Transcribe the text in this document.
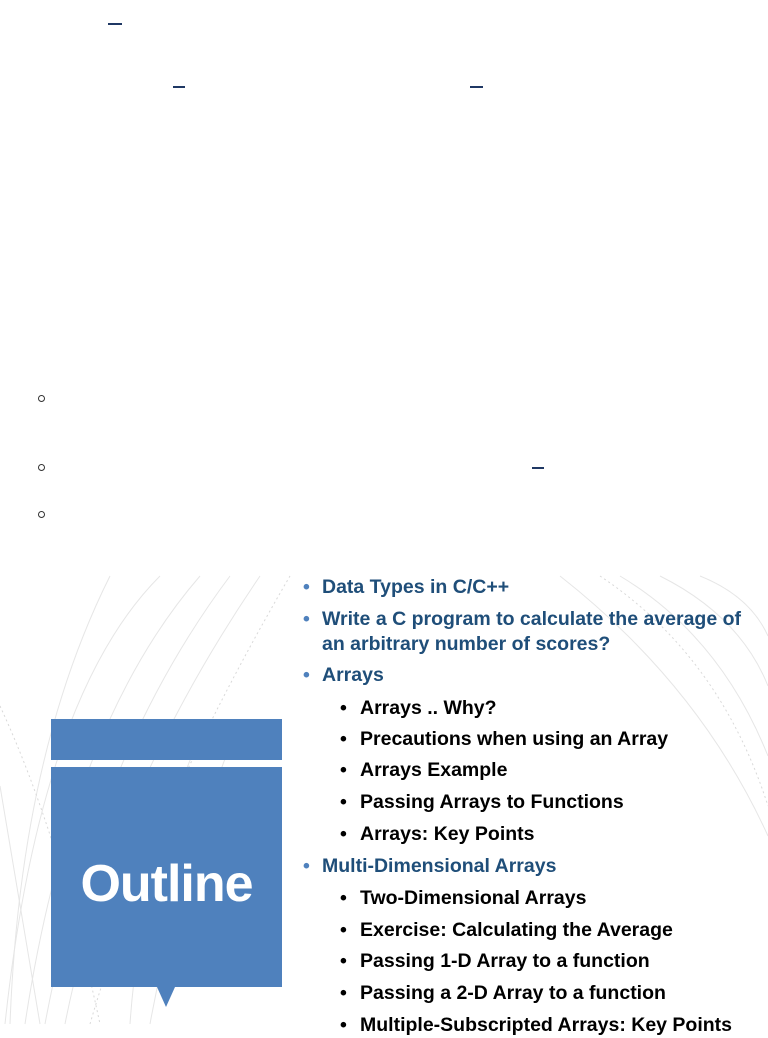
Outline
• Data Types in C/C++
• Write a C program to calculate the average of
an arbitrary number of scores?
• Arrays
• Arrays .. Why?
• Precautions when using an Array
• Arrays Example
• Passing Arrays to Functions
• Arrays: Key Points
• Multi-Dimensional Arrays
• Two-Dimensional Arrays
• Exercise: Calculating the Average
• Passing 1-D Array to a function
• Passing a 2-D Array to a function
• Multiple-Subscripted Arrays: Key Points
